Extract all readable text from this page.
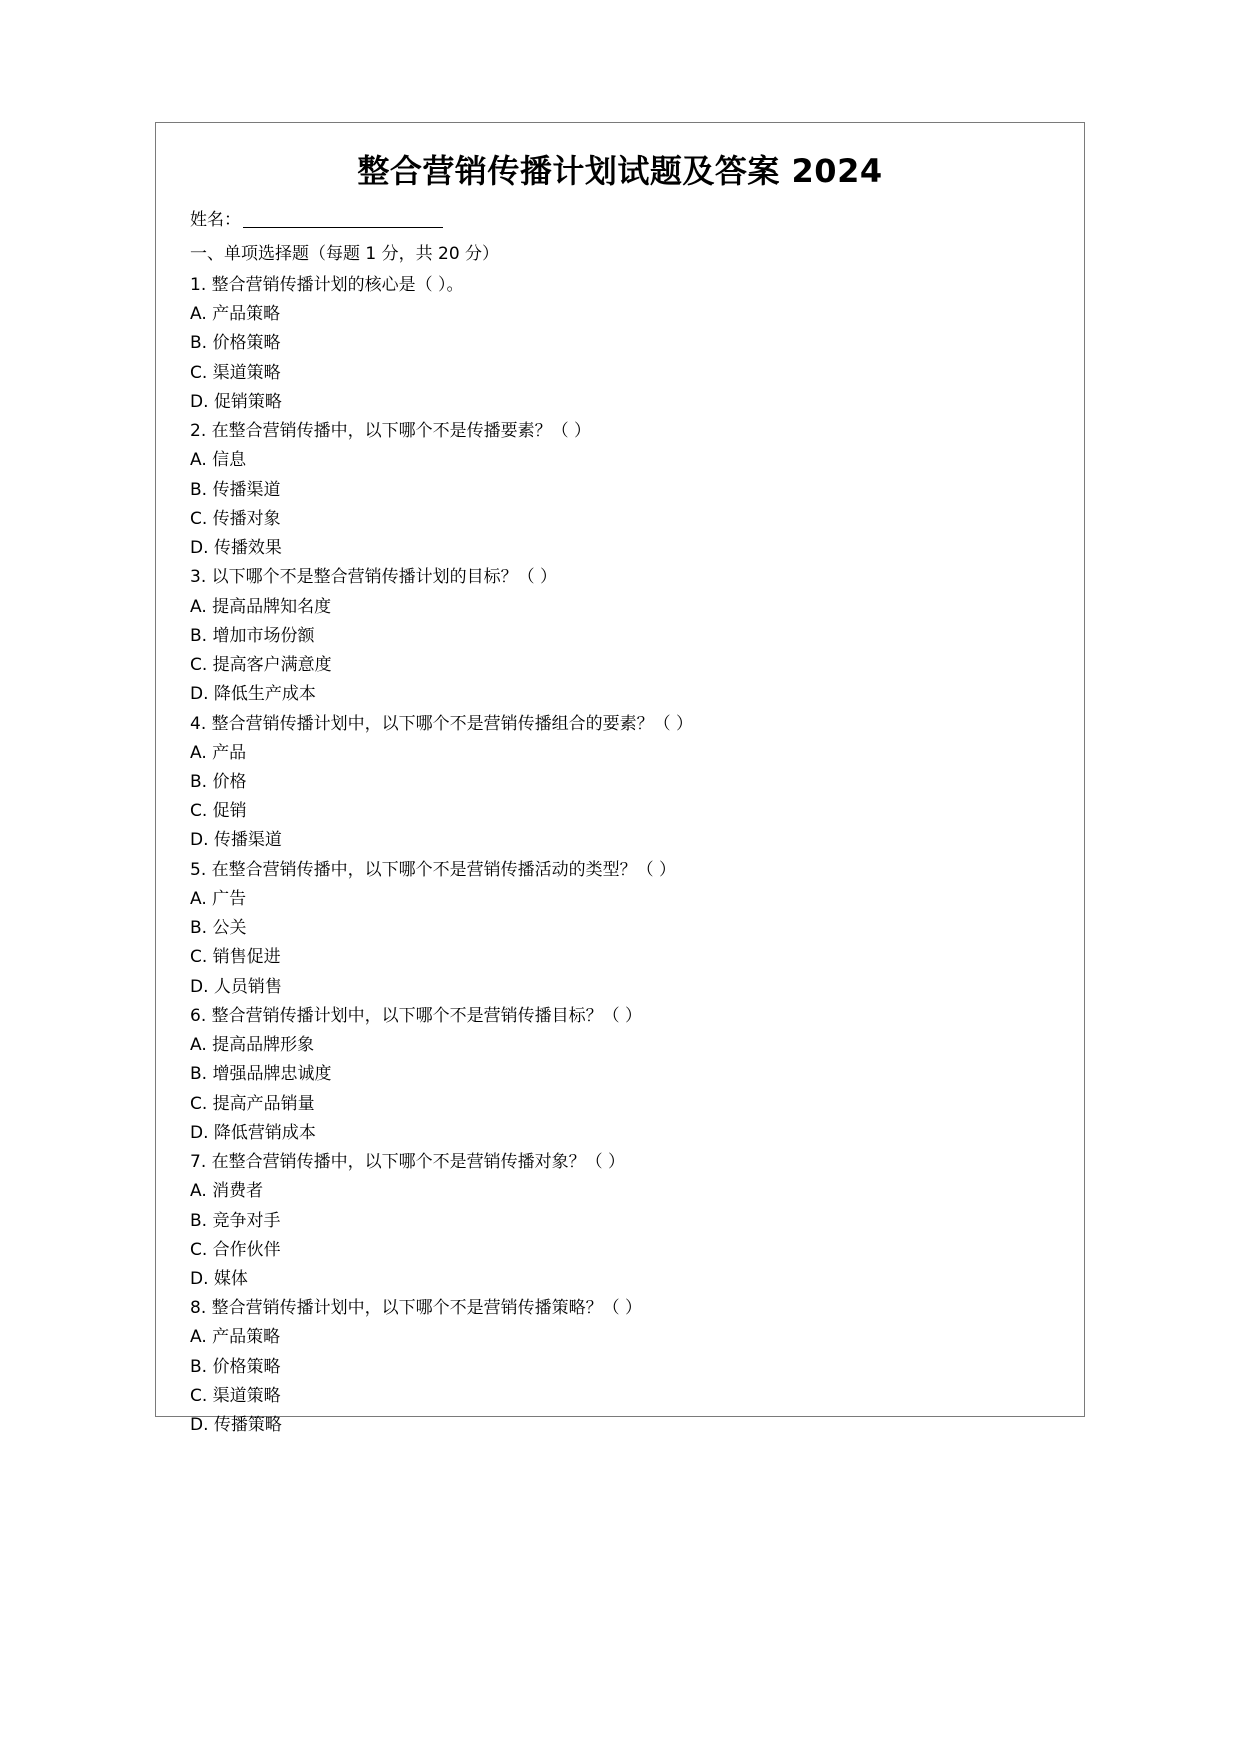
整合营销传播计划试题及答案 2024
姓名：
一、单项选择题（每题 1 分，共 20 分）
1. 整合营销传播计划的核心是（ ）。
A. 产品策略
B. 价格策略
C. 渠道策略
D. 促销策略
2. 在整合营销传播中，以下哪个不是传播要素？（ ）
A. 信息
B. 传播渠道
C. 传播对象
D. 传播效果
3. 以下哪个不是整合营销传播计划的目标？（ ）
A. 提高品牌知名度
B. 增加市场份额
C. 提高客户满意度
D. 降低生产成本
4. 整合营销传播计划中，以下哪个不是营销传播组合的要素？（ ）
A. 产品
B. 价格
C. 促销
D. 传播渠道
5. 在整合营销传播中，以下哪个不是营销传播活动的类型？（ ）
A. 广告
B. 公关
C. 销售促进
D. 人员销售
6. 整合营销传播计划中，以下哪个不是营销传播目标？（ ）
A. 提高品牌形象
B. 增强品牌忠诚度
C. 提高产品销量
D. 降低营销成本
7. 在整合营销传播中，以下哪个不是营销传播对象？（ ）
A. 消费者
B. 竞争对手
C. 合作伙伴
D. 媒体
8. 整合营销传播计划中，以下哪个不是营销传播策略？（ ）
A. 产品策略
B. 价格策略
C. 渠道策略
D. 传播策略
